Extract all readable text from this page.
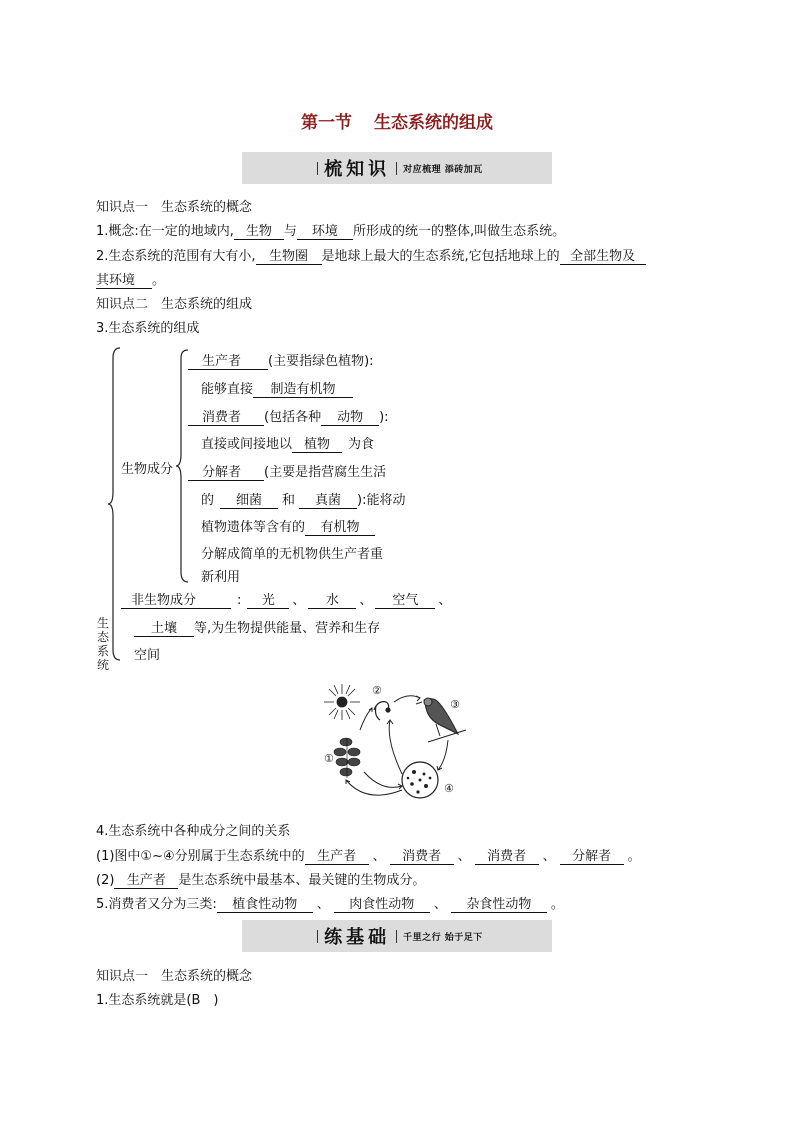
第一节 生态系统的组成
梳知识 对应梳理 添砖加瓦
知识点一　生态系统的概念
1.概念:在一定的地域内, 生物 与 环境 所形成的统一的整体,叫做生态系统。
2.生态系统的范围有大有小, 生物圈 是地球上最大的生态系统,它包括地球上的 全部生物及
其环境 。
知识点二　生态系统的组成
3.生态系统的组成
生态系统
生物成分
生产者 (主要指绿色植物):
能够直接 制造有机物
消费者 (包括各种 动物 ):
直接或间接地以 植物 为食
分解者 (主要是指营腐生生活
的 细菌 和 真菌 ):能将动
植物遗体等含有的 有机物
分解成简单的无机物供生产者重
新利用
非生物成分	: 光 、 水 、 空气 、
土壤 等,为生物提供能量、营养和生存
空间
②
③
①
④
4.生态系统中各种成分之间的关系
(1)图中①~④分别属于生态系统中的 生产者 、 消费者 、 消费者 、 分解者 。
(2) 生产者 是生态系统中最基本、最关键的生物成分。
5.消费者又分为三类: 植食性动物 、 肉食性动物 、 杂食性动物 。
练基础 千里之行 始于足下
知识点一　生态系统的概念
1.生态系统就是(B　)
